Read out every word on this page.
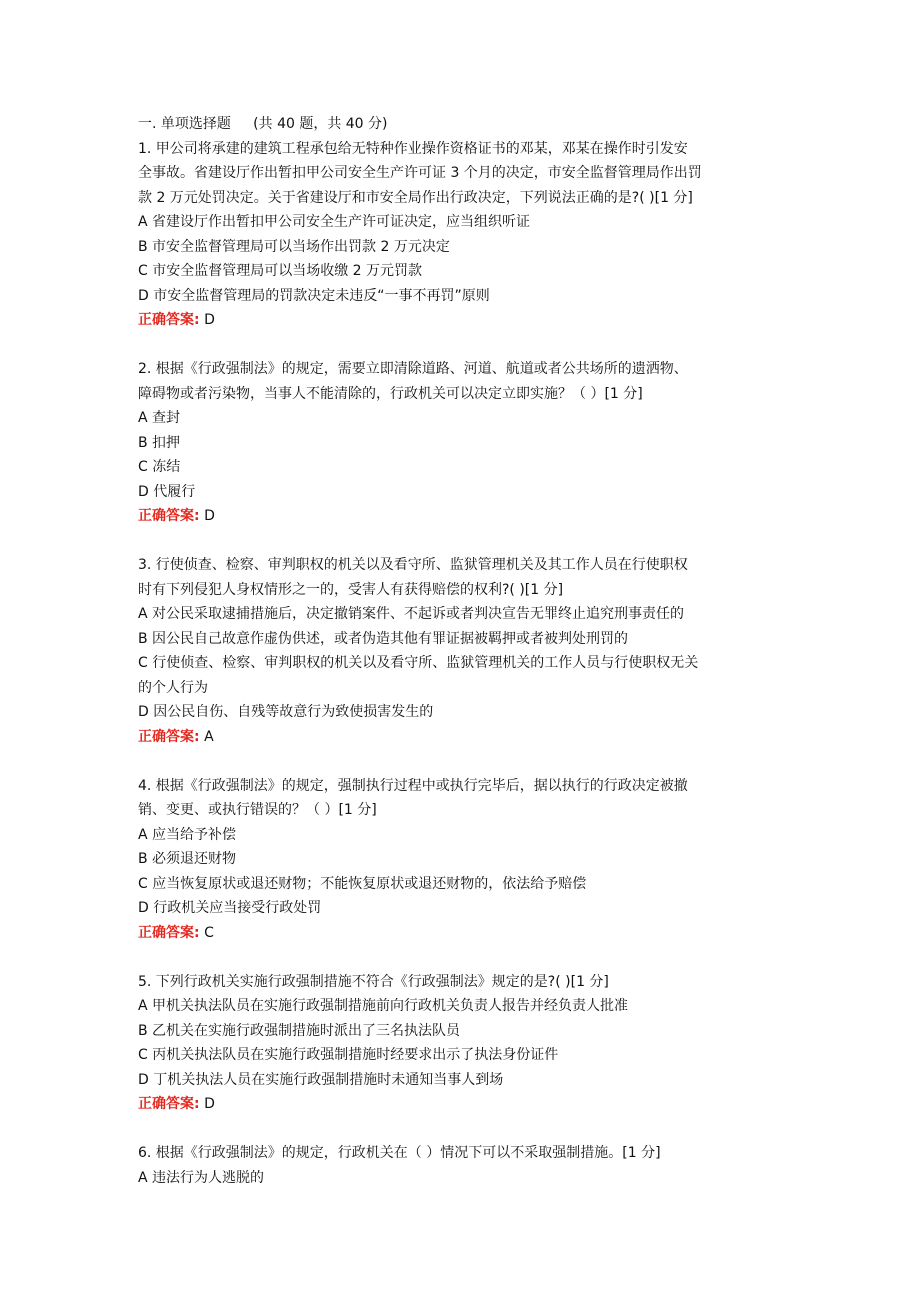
一. 单项选择题     (共 40 题，共 40 分)
1. 甲公司将承建的建筑工程承包给无特种作业操作资格证书的邓某，邓某在操作时引发安
全事故。省建设厅作出暂扣甲公司安全生产许可证 3 个月的决定，市安全监督管理局作出罚
款 2 万元处罚决定。关于省建设厅和市安全局作出行政决定，下列说法正确的是?( )[1 分]
A 省建设厅作出暂扣甲公司安全生产许可证决定，应当组织听证
B 市安全监督管理局可以当场作出罚款 2 万元决定
C 市安全监督管理局可以当场收缴 2 万元罚款
D 市安全监督管理局的罚款决定未违反“一事不再罚”原则
正确答案: D
2. 根据《行政强制法》的规定，需要立即清除道路、河道、航道或者公共场所的遗洒物、
障碍物或者污染物，当事人不能清除的，行政机关可以决定立即实施？（ ）[1 分]
A 查封
B 扣押
C 冻结
D 代履行
正确答案: D
3. 行使侦查、检察、审判职权的机关以及看守所、监狱管理机关及其工作人员在行使职权
时有下列侵犯人身权情形之一的，受害人有获得赔偿的权利?( )[1 分]
A 对公民采取逮捕措施后，决定撤销案件、不起诉或者判决宣告无罪终止追究刑事责任的
B 因公民自己故意作虚伪供述，或者伪造其他有罪证据被羁押或者被判处刑罚的
C 行使侦查、检察、审判职权的机关以及看守所、监狱管理机关的工作人员与行使职权无关
的个人行为
D 因公民自伤、自残等故意行为致使损害发生的
正确答案: A
4. 根据《行政强制法》的规定，强制执行过程中或执行完毕后，据以执行的行政决定被撤
销、变更、或执行错误的？（ ）[1 分]
A 应当给予补偿
B 必须退还财物
C 应当恢复原状或退还财物；不能恢复原状或退还财物的，依法给予赔偿
D 行政机关应当接受行政处罚
正确答案: C
5. 下列行政机关实施行政强制措施不符合《行政强制法》规定的是?( )[1 分]
A 甲机关执法队员在实施行政强制措施前向行政机关负责人报告并经负责人批准
B 乙机关在实施行政强制措施时派出了三名执法队员
C 丙机关执法队员在实施行政强制措施时经要求出示了执法身份证件
D 丁机关执法人员在实施行政强制措施时未通知当事人到场
正确答案: D
6. 根据《行政强制法》的规定，行政机关在（ ）情况下可以不采取强制措施。[1 分]
A 违法行为人逃脱的
